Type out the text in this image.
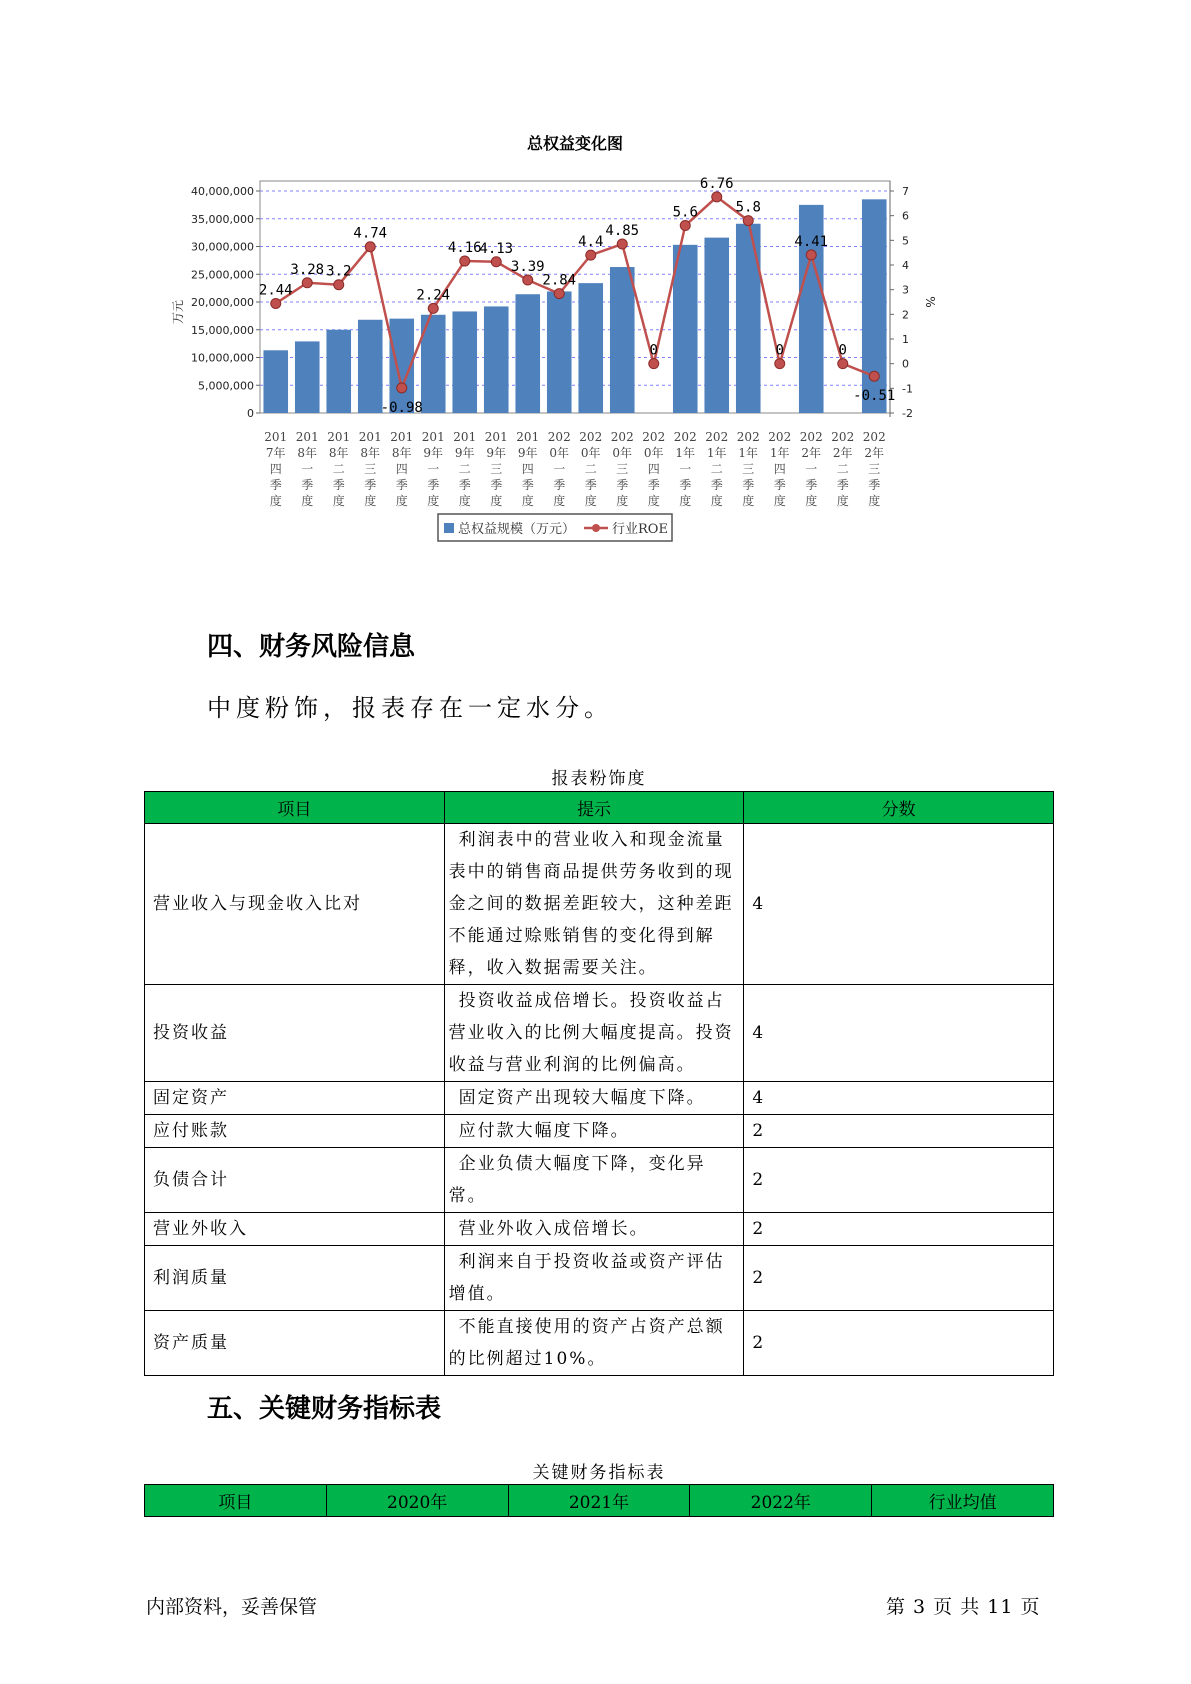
总权益变化图
40,000,000
35,000,000
30,000,000
25,000,000
20,000,000
15,000,000
10,000,000
5,000,000
0
7
6
5
4
3
2
1
0
-1
-2
万元	%
201
7年
四
季
度
201
8年
一
季
度
201
8年
二
季
度
201
8年
三
季
度
201
8年
四
季
度
201
9年
一
季
度
201
9年
二
季
度
201
9年
三
季
度
201
9年
四
季
度
202
0年
一
季
度
202
0年
二
季
度
202
0年
三
季
度
202
0年
四
季
度
202
1年
一
季
度
202
1年
二
季
度
202
1年
三
季
度
202
1年
四
季
度
202
2年
一
季
度
202
2年
二
季
度
202
2年
三
季
度
2.44
3.28 3.2
4.74
-0.98
2.24
4.16
4.13
3.39
2.84
4.4
4.85
0
5.6
6.76
5.8
0
4.41
0
-0.51
总权益规模（万元）	行业ROE
四、财务风险信息

中度粉饰，报表存在一定水分。

报表粉饰度
项目	提示	分数
营业收入与现金收入比对	利润表中的营业收入和现金流量表中的销售商品提供劳务收到的现金之间的数据差距较大，这种差距不能通过赊账销售的变化得到解释，收入数据需要关注。	4
投资收益	投资收益成倍增长。投资收益占营业收入的比例大幅度提高。投资收益与营业利润的比例偏高。	4
固定资产	固定资产出现较大幅度下降。	4
应付账款	应付款大幅度下降。	2
负债合计	企业负债大幅度下降，变化异常。	2
营业外收入	营业外收入成倍增长。	2
利润质量	利润来自于投资收益或资产评估增值。	2
资产质量	不能直接使用的资产占资产总额的比例超过10%。	2
五、关键财务指标表
关键财务指标表
项目	2020年	2021年	2022年	行业均值
内部资料，妥善保管	第 3 页 共 11 页
